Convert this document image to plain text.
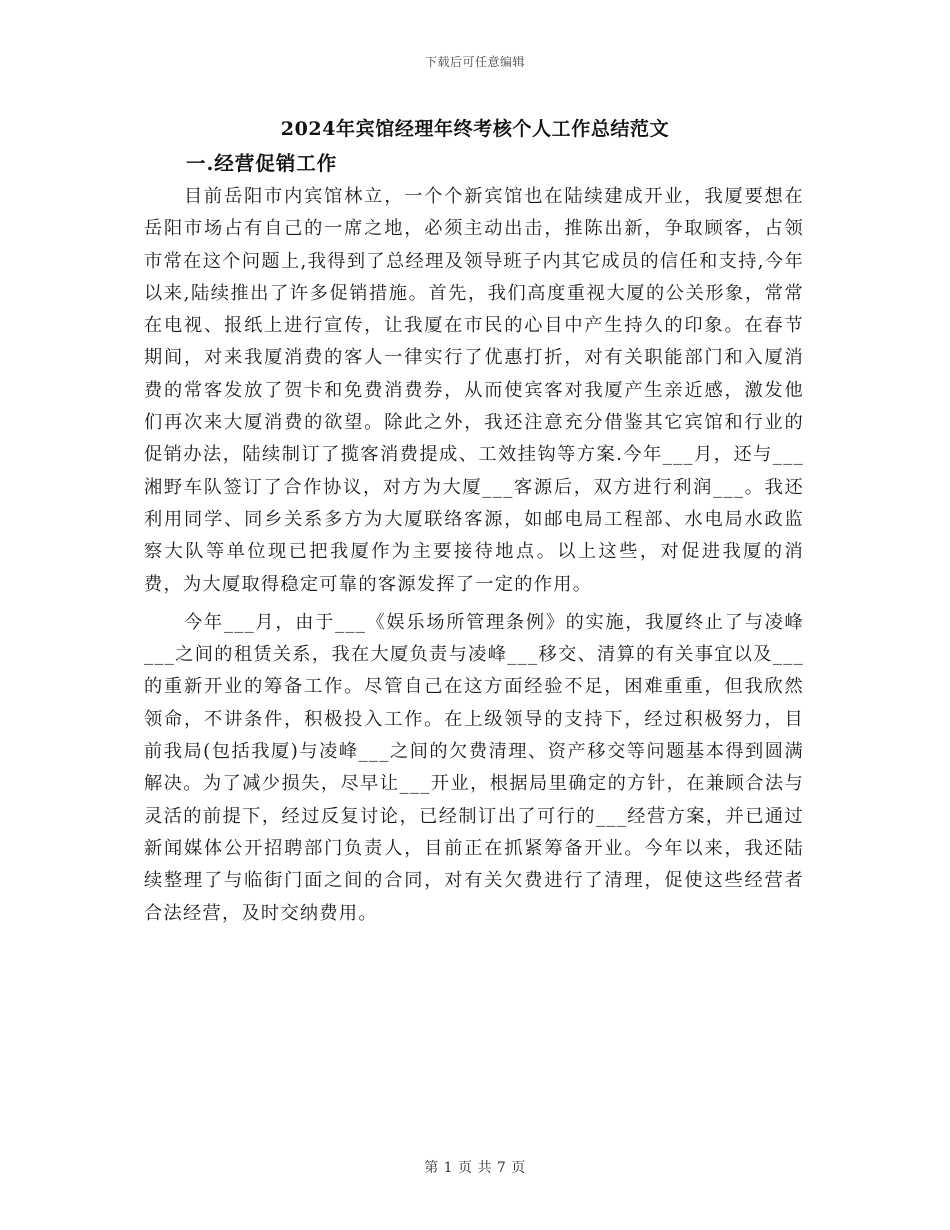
下载后可任意编辑
2024年宾馆经理年终考核个人工作总结范文
一.经营促销工作

目前岳阳市内宾馆林立，一个个新宾馆也在陆续建成开业，我厦要想在岳阳市场占有自己的一席之地，必须主动出击，推陈出新，争取顾客，占领市常在这个问题上,我得到了总经理及领导班子内其它成员的信任和支持,今年以来,陆续推出了许多促销措施。首先，我们高度重视大厦的公关形象，常常在电视、报纸上进行宣传，让我厦在市民的心目中产生持久的印象。在春节期间，对来我厦消费的客人一律实行了优惠打折，对有关职能部门和入厦消费的常客发放了贺卡和免费消费券，从而使宾客对我厦产生亲近感，激发他们再次来大厦消费的欲望。除此之外，我还注意充分借鉴其它宾馆和行业的促销办法，陆续制订了揽客消费提成、工效挂钩等方案.今年___月，还与___湘野车队签订了合作协议，对方为大厦___客源后，双方进行利润___。我还利用同学、同乡关系多方为大厦联络客源，如邮电局工程部、水电局水政监察大队等单位现已把我厦作为主要接待地点。以上这些，对促进我厦的消费，为大厦取得稳定可靠的客源发挥了一定的作用。

今年___月，由于___《娱乐场所管理条例》的实施，我厦终止了与凌峰___之间的租赁关系，我在大厦负责与凌峰___移交、清算的有关事宜以及___的重新开业的筹备工作。尽管自己在这方面经验不足，困难重重，但我欣然领命，不讲条件，积极投入工作。在上级领导的支持下，经过积极努力，目前我局(包括我厦)与凌峰___之间的欠费清理、资产移交等问题基本得到圆满解决。为了减少损失，尽早让___开业，根据局里确定的方针，在兼顾合法与灵活的前提下，经过反复讨论，已经制订出了可行的___经营方案，并已通过新闻媒体公开招聘部门负责人，目前正在抓紧筹备开业。今年以来，我还陆续整理了与临街门面之间的合同，对有关欠费进行了清理，促使这些经营者合法经营，及时交纳费用。

第 1 页 共 7 页
